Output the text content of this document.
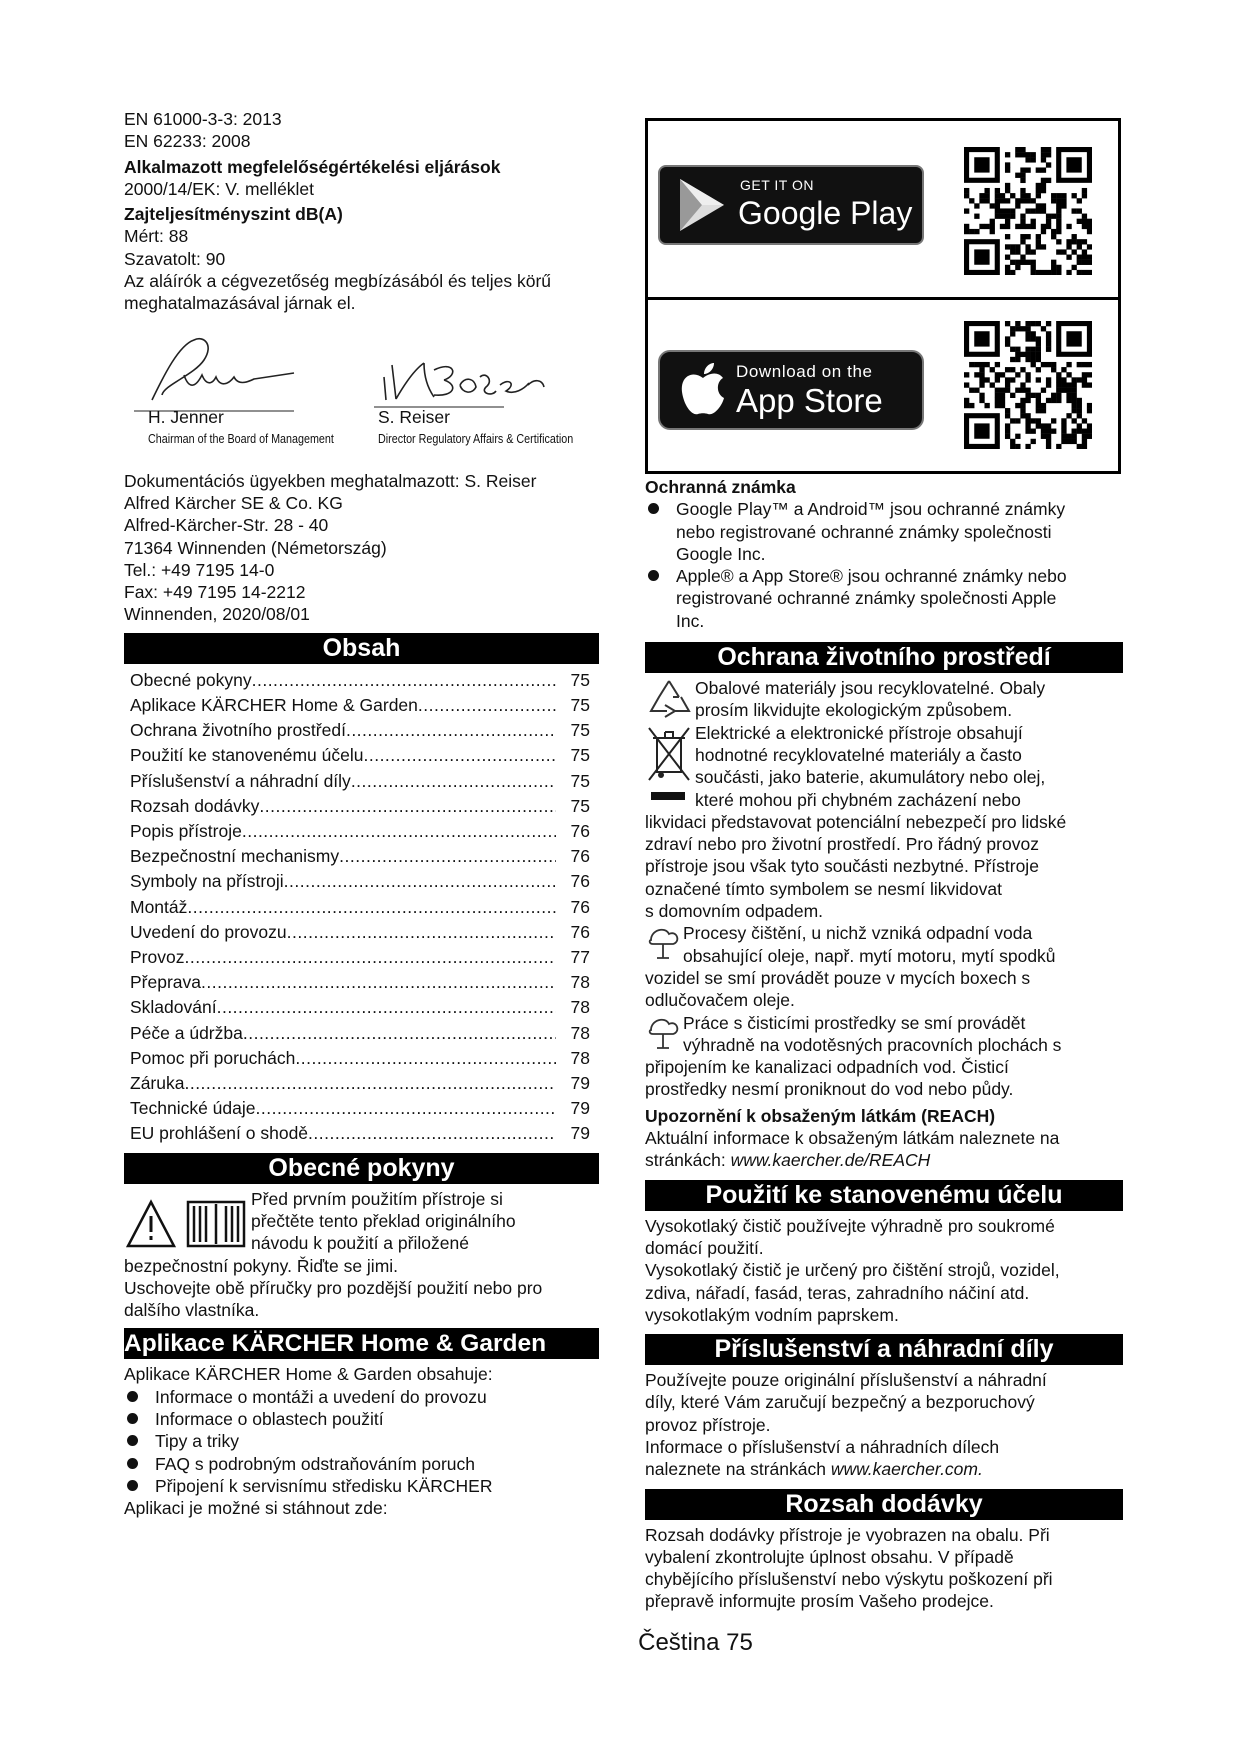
EN 61000-3-3: 2013
EN 62233: 2008
Alkalmazott megfelelőségértékelési eljárások
2000/14/EK: V. melléklet
Zajteljesítményszint dB(A)
Mért: 88
Szavatolt: 90
Az aláírók a cégvezetőség megbízásából és teljes körű
meghatalmazásával járnak el.
H. Jenner
Chairman of the Board of Management
S. Reiser
Director Regulatory Affairs & Certification
Dokumentációs ügyekben meghatalmazott: S. Reiser
Alfred Kärcher SE & Co. KG
Alfred-Kärcher-Str. 28 - 40
71364 Winnenden (Németország)
Tel.: +49 7195 14-0
Fax: +49 7195 14-2212
Winnenden, 2020/08/01
Obsah
Obecné pokyny .....	75
Aplikace KÄRCHER Home & Garden .....	75
Ochrana životního prostředí .....	75
Použití ke stanovenému účelu .....	75
Příslušenství a náhradní díly .....	75
Rozsah dodávky .....	75
Popis přístroje .....	76
Bezpečnostní mechanismy .....	76
Symboly na přístroji .....	76
Montáž .....	76
Uvedení do provozu .....	76
Provoz .....	77
Přeprava .....	78
Skladování .....	78
Péče a údržba .....	78
Pomoc při poruchách .....	78
Záruka .....	79
Technické údaje .....	79
EU prohlášení o shodě .....	79
Obecné pokyny
Před prvním použitím přístroje si
přečtěte tento překlad originálního
návodu k použití a přiložené
bezpečnostní pokyny. Řiďte se jimi.
Uschovejte obě příručky pro pozdější použití nebo pro
dalšího vlastníka.
Aplikace KÄRCHER Home & Garden
Aplikace KÄRCHER Home & Garden obsahuje:
Informace o montáži a uvedení do provozu
Informace o oblastech použití
Tipy a triky
FAQ s podrobným odstraňováním poruch
Připojení k servisnímu středisku KÄRCHER
Aplikaci je možné si stáhnout zde:
GET IT ON
Google Play
Download on the
App Store
Ochranná známka
Google Play™ a Android™ jsou ochranné známky
nebo registrované ochranné známky společnosti
Google Inc.
Apple® a App Store® jsou ochranné známky nebo
registrované ochranné známky společnosti Apple
Inc.
Ochrana životního prostředí
Obalové materiály jsou recyklovatelné. Obaly
prosím likvidujte ekologickým způsobem.
Elektrické a elektronické přístroje obsahují
hodnotné recyklovatelné materiály a často
součásti, jako baterie, akumulátory nebo olej,
které mohou při chybném zacházení nebo
likvidaci představovat potenciální nebezpečí pro lidské
zdraví nebo pro životní prostředí. Pro řádný provoz
přístroje jsou však tyto součásti nezbytné. Přístroje
označené tímto symbolem se nesmí likvidovat
s domovním odpadem.
Procesy čištění, u nichž vzniká odpadní voda
obsahující oleje, např. mytí motoru, mytí spodků
vozidel se smí provádět pouze v mycích boxech s
odlučovačem oleje.
Práce s čisticími prostředky se smí provádět
výhradně na vodotěsných pracovních plochách s
připojením ke kanalizaci odpadních vod. Čisticí
prostředky nesmí proniknout do vod nebo půdy.
Upozornění k obsaženým látkám (REACH)
Aktuální informace k obsaženým látkám naleznete na
stránkách: www.kaercher.de/REACH
Použití ke stanovenému účelu
Vysokotlaký čistič používejte výhradně pro soukromé
domácí použití.
Vysokotlaký čistič je určený pro čištění strojů, vozidel,
zdiva, nářadí, fasád, teras, zahradního náčiní atd.
vysokotlakým vodním paprskem.
Příslušenství a náhradní díly
Používejte pouze originální příslušenství a náhradní
díly, které Vám zaručují bezpečný a bezporuchový
provoz přístroje.
Informace o příslušenství a náhradních dílech
naleznete na stránkách www.kaercher.com.
Rozsah dodávky
Rozsah dodávky přístroje je vyobrazen na obalu. Při
vybalení zkontrolujte úplnost obsahu. V případě
chybějícího příslušenství nebo výskytu poškození při
přepravě informujte prosím Vašeho prodejce.
Čeština 75
